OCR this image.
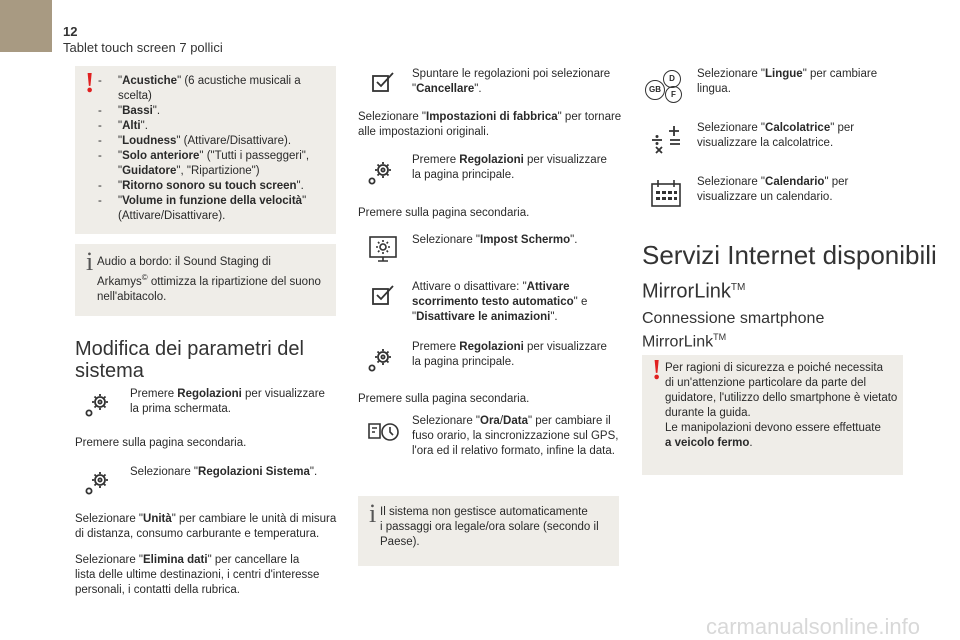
12
Tablet touch screen 7 pollici
! -	"Acustiche" (6 acustiche musicali a scelta)
-	"Bassi".
-	"Alti".
-	"Loudness" (Attivare/Disattivare).
-	"Solo anteriore" ("Tutti i passeggeri",
"Guidatore", "Ripartizione")
-	"Ritorno sonoro su touch screen".
-	"Volume in funzione della velocità"
(Attivare/Disattivare).
i Audio a bordo: il Sound Staging di
Arkamys© ottimizza la ripartizione del suono
nell'abitacolo.
Modifica dei parametri del
sistema
Premere Regolazioni per visualizzare
la prima schermata.
Premere sulla pagina secondaria.
Selezionare "Regolazioni Sistema".
Selezionare "Unità" per cambiare le unità di misura
di distanza, consumo carburante e temperatura.
Selezionare "Elimina dati" per cancellare la
lista delle ultime destinazioni, i centri d'interesse
personali, i contatti della rubrica.
Spuntare le regolazioni poi selezionare
"Cancellare".
Selezionare "Impostazioni di fabbrica" per tornare
alle impostazioni originali.
Premere Regolazioni per visualizzare
la pagina principale.
Premere sulla pagina secondaria.
Selezionare "Impost Schermo".
Attivare o disattivare: "Attivare
scorrimento testo automatico" e
"Disattivare le animazioni".
Premere Regolazioni per visualizzare
la pagina principale.
Premere sulla pagina secondaria.
Selezionare "Ora/Data" per cambiare il
fuso orario, la sincronizzazione sul GPS,
l'ora ed il relativo formato, infine la data.
i Il sistema non gestisce automaticamente
i passaggi ora legale/ora solare (secondo il
Paese).
GB
D
F
Selezionare "Lingue" per cambiare
lingua.
Selezionare "Calcolatrice" per
visualizzare la calcolatrice.
Selezionare "Calendario" per
visualizzare un calendario.
Servizi Internet disponibili
MirrorLink™
Connessione smartphone
MirrorLink™
! Per ragioni di sicurezza e poiché necessita
di un'attenzione particolare da parte del
guidatore, l'utilizzo dello smartphone è vietato
durante la guida.
Le manipolazioni devono essere effettuate
a veicolo fermo.
carmanualsonline.info
